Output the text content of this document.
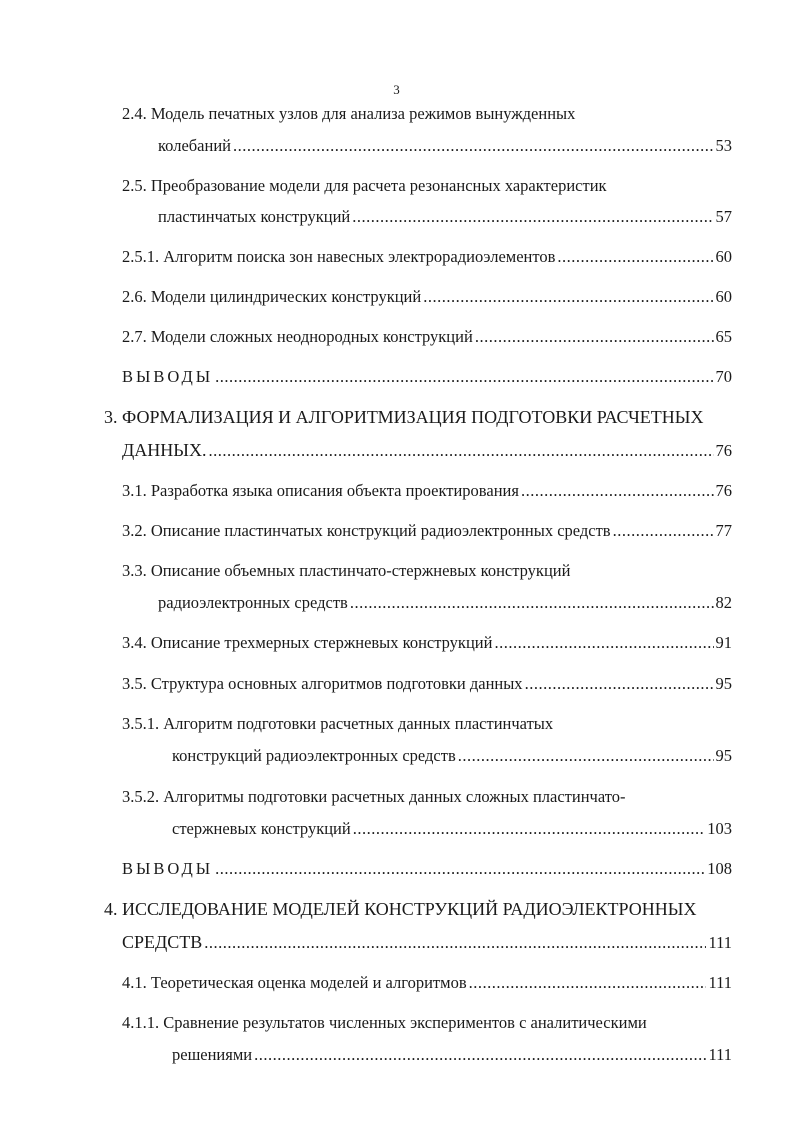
3
2.4. Модель печатных узлов для анализа режимов вынужденных
колебаний .....	53
2.5. Преобразование модели для расчета резонансных характеристик
пластинчатых конструкций .....	57
2.5.1. Алгоритм поиска зон навесных электрорадиоэлементов .....	60
2.6. Модели цилиндрических конструкций .....	60
2.7. Модели сложных неоднородных конструкций .....	65
ВЫВОДЫ .....	70
3. ФОРМАЛИЗАЦИЯ И АЛГОРИТМИЗАЦИЯ ПОДГОТОВКИ РАСЧЕТНЫХ
ДАННЫХ. .....	76
3.1. Разработка языка описания объекта проектирования .....	76
3.2. Описание пластинчатых конструкций радиоэлектронных средств .....	77
3.3. Описание объемных пластинчато-стержневых конструкций
радиоэлектронных средств .....	82
3.4. Описание трехмерных стержневых конструкций .....	91
3.5. Структура основных алгоритмов подготовки данных .....	95
3.5.1. Алгоритм подготовки расчетных данных пластинчатых
конструкций радиоэлектронных средств .....	95
3.5.2. Алгоритмы подготовки расчетных данных сложных пластинчато-
стержневых конструкций .....	103
ВЫВОДЫ .....	108
4. ИССЛЕДОВАНИЕ МОДЕЛЕЙ КОНСТРУКЦИЙ РАДИОЭЛЕКТРОННЫХ
СРЕДСТВ .....	111
4.1. Теоретическая оценка моделей и алгоритмов .....	111
4.1.1. Сравнение результатов численных экспериментов с аналитическими
решениями .....	111
